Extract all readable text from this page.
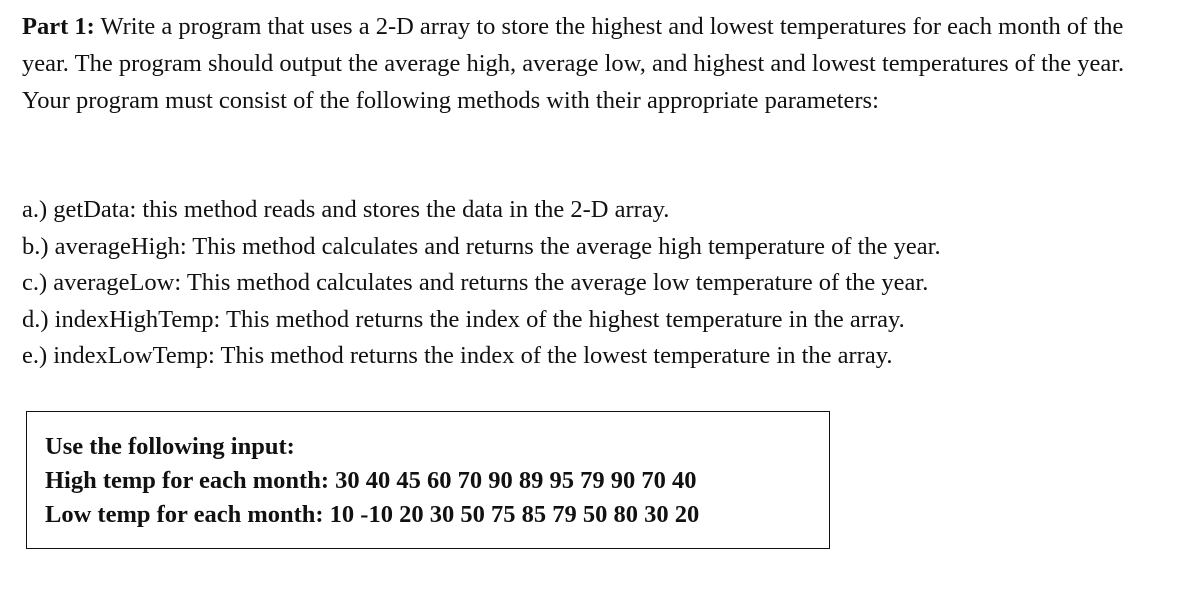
Part 1: Write a program that uses a 2-D array to store the highest and lowest temperatures for each month of the year. The program should output the average high, average low, and highest and lowest temperatures of the year. Your program must consist of the following methods with their appropriate parameters:

a.) getData: this method reads and stores the data in the 2-D array.
b.) averageHigh: This method calculates and returns the average high temperature of the year.
c.) averageLow: This method calculates and returns the average low temperature of the year.
d.) indexHighTemp: This method returns the index of the highest temperature in the array.
e.) indexLowTemp: This method returns the index of the lowest temperature in the array.
Use the following input:
High temp for each month: 30 40 45 60 70 90 89 95 79 90 70 40
Low temp for each month: 10 -10 20 30 50 75 85 79 50 80 30 20
